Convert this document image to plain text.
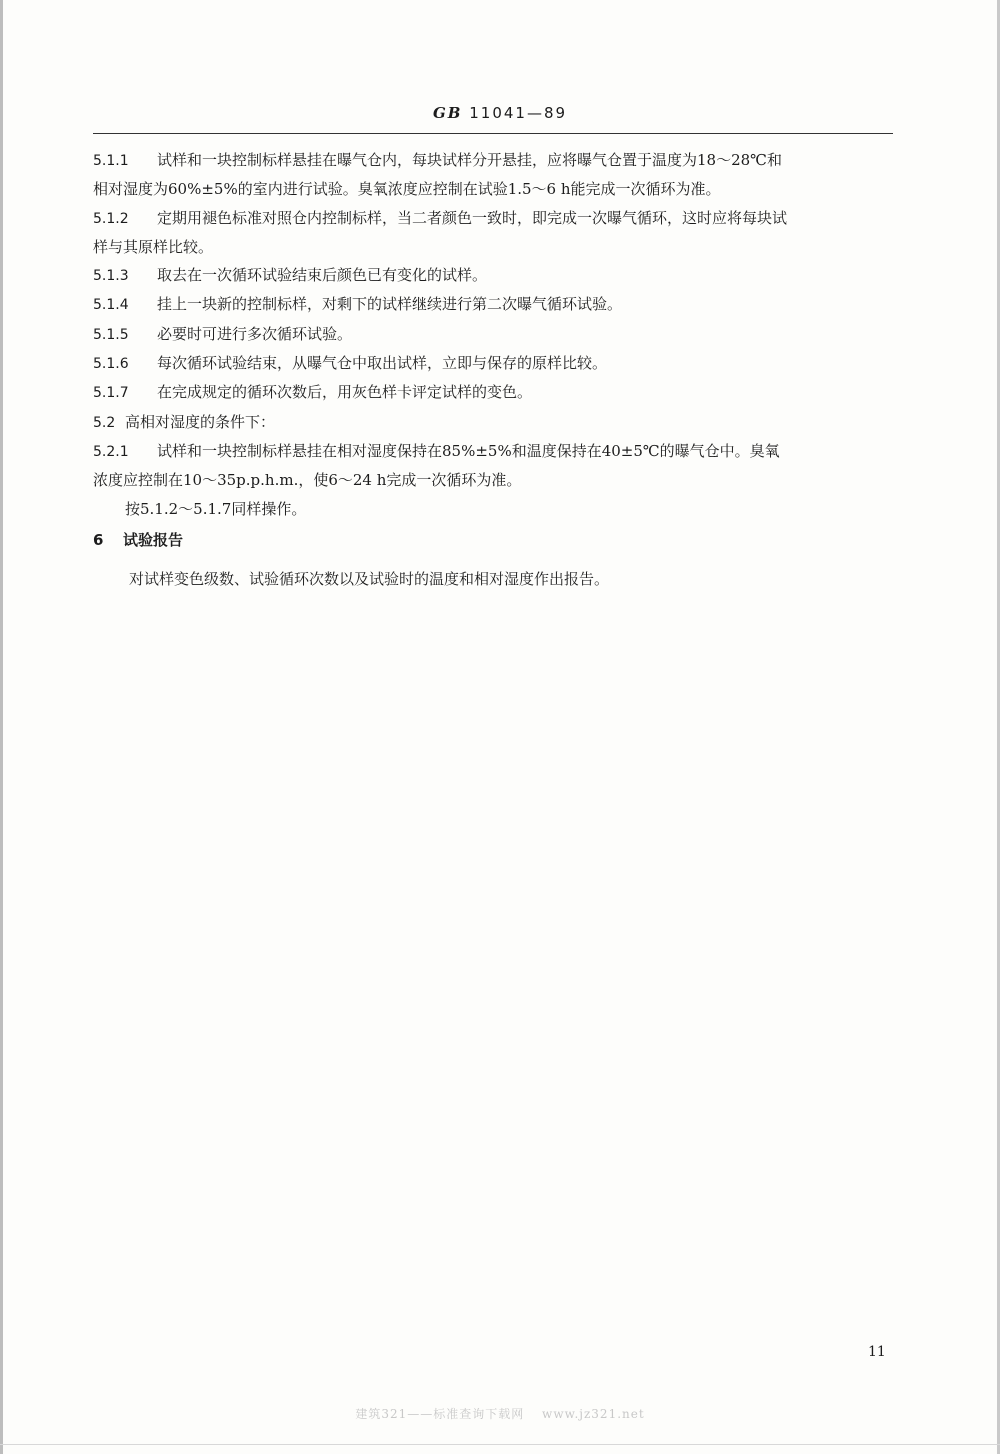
GB 11041—89

5.1.1 试样和一块控制标样悬挂在曝气仓内，每块试样分开悬挂，应将曝气仓置于温度为18～28℃和

相对湿度为60%±5%的室内进行试验。臭氧浓度应控制在试验1.5～6 h能完成一次循环为准。

5.1.2 定期用褪色标准对照仓内控制标样，当二者颜色一致时，即完成一次曝气循环，这时应将每块试

样与其原样比较。

5.1.3 取去在一次循环试验结束后颜色已有变化的试样。

5.1.4 挂上一块新的控制标样，对剩下的试样继续进行第二次曝气循环试验。

5.1.5 必要时可进行多次循环试验。

5.1.6 每次循环试验结束，从曝气仓中取出试样，立即与保存的原样比较。

5.1.7 在完成规定的循环次数后，用灰色样卡评定试样的变色。

5.2 高相对湿度的条件下：

5.2.1 试样和一块控制标样悬挂在相对湿度保持在85%±5%和温度保持在40±5℃的曝气仓中。臭氧

浓度应控制在10～35p.p.h.m.，使6～24 h完成一次循环为准。

按5.1.2～5.1.7同样操作。

6 试验报告
对试样变色级数、试验循环次数以及试验时的温度和相对湿度作出报告。
11
建筑321——标准查询下载网　 www.jz321.net
